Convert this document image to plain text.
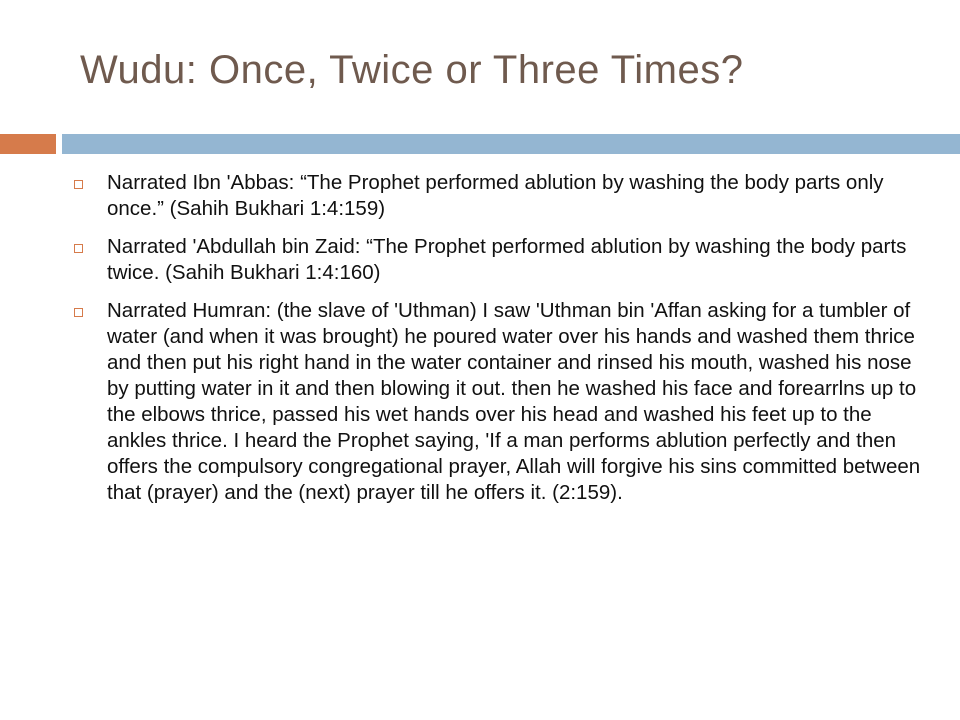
Wudu: Once, Twice or Three Times?
Narrated Ibn 'Abbas: “The Prophet performed ablution by washing the body parts only once.” (Sahih Bukhari 1:4:159)
Narrated 'Abdullah bin Zaid: “The Prophet performed ablution by washing the body parts twice. (Sahih Bukhari 1:4:160)
Narrated Humran: (the slave of 'Uthman) I saw 'Uthman bin 'Affan asking for a tumbler of water (and when it was brought) he poured water over his hands and washed them thrice and then put his right hand in the water container and rinsed his mouth, washed his nose by putting water in it and then blowing it out. then he washed his face and forearrlns up to the elbows thrice, passed his wet hands over his head and washed his feet up to the ankles thrice. I heard the Prophet saying, 'If a man performs ablution perfectly and then offers the compulsory congregational prayer, Allah will forgive his sins committed between that (prayer) and the (next) prayer till he offers it. (2:159).
